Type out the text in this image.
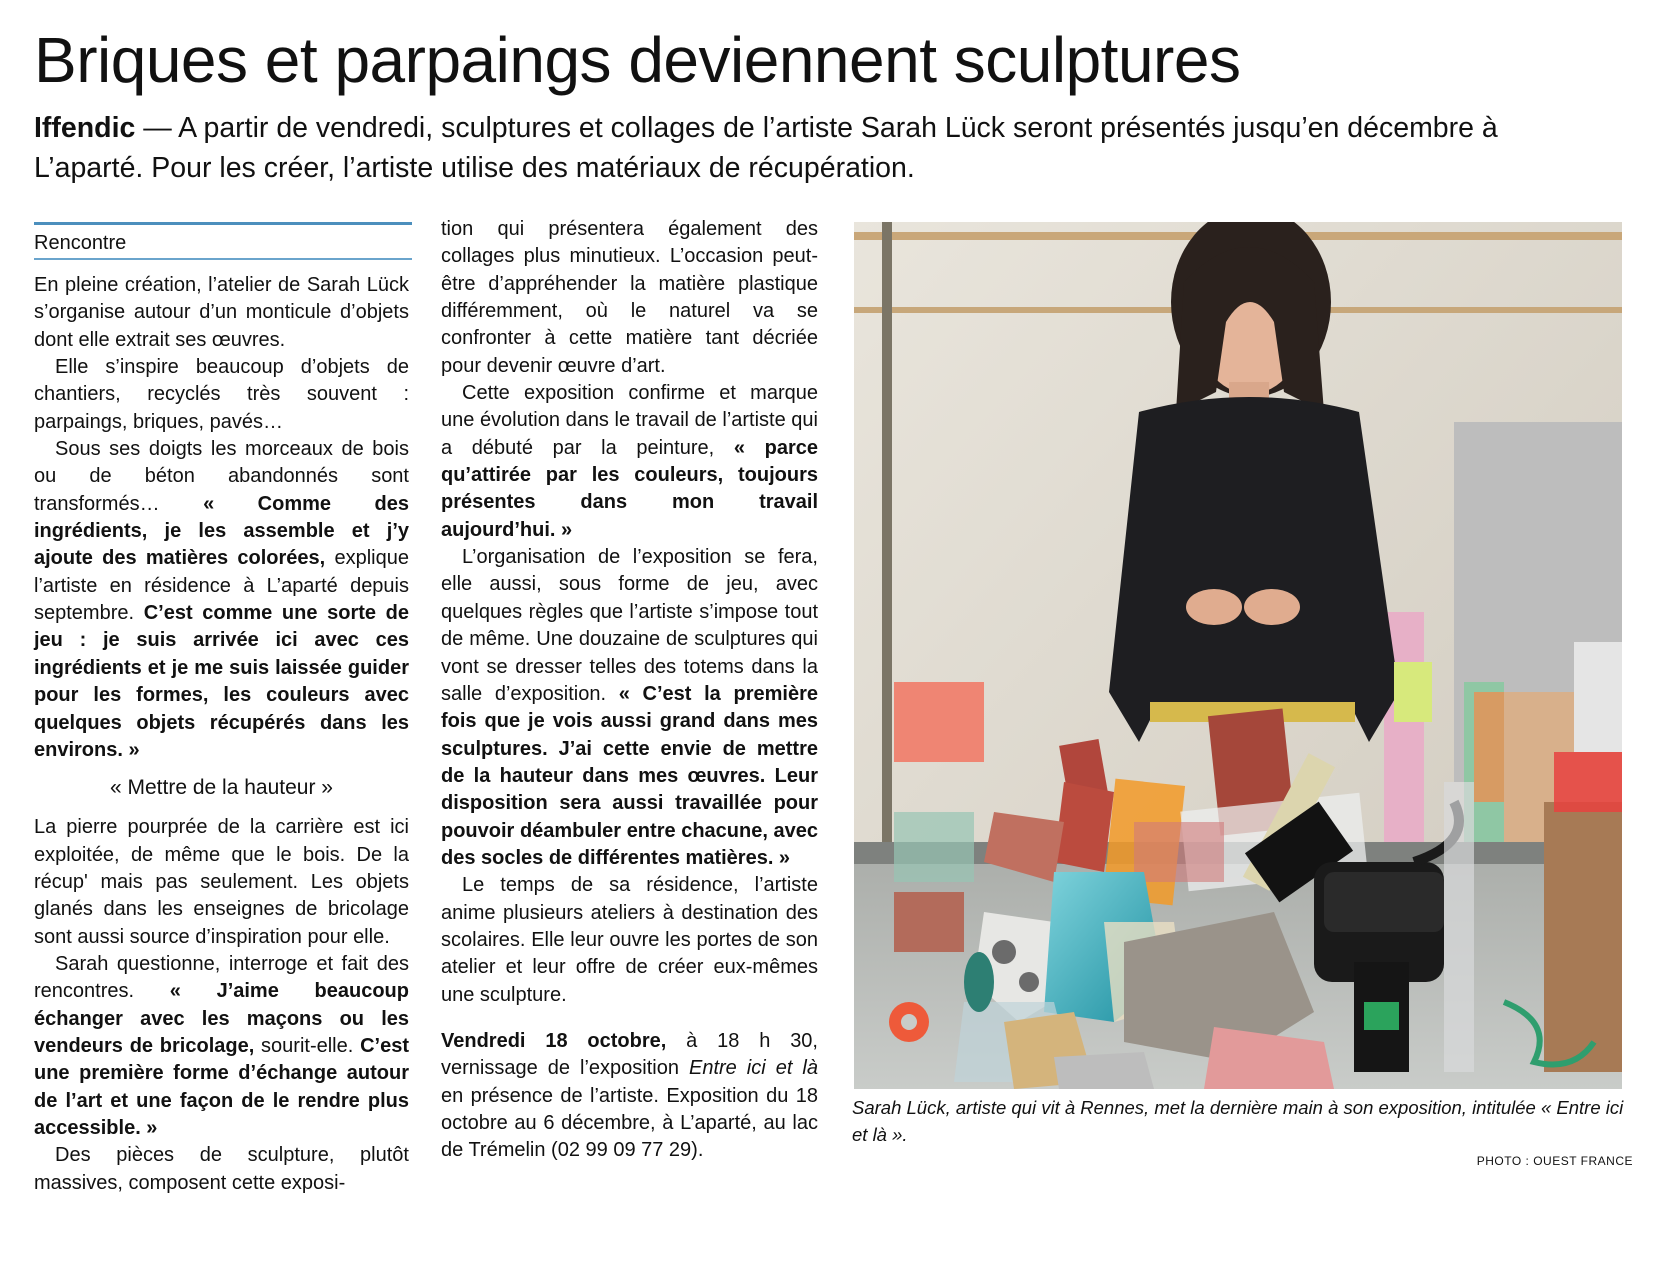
Briques et parpaings deviennent sculptures

Iffendic — A partir de vendredi, sculptures et collages de l’artiste Sarah Lück seront présentés jusqu’en décembre à L’aparté. Pour les créer, l’artiste utilise des matériaux de récupération.

Rencontre

En pleine création, l’atelier de Sarah Lück s’organise autour d’un monticule d’objets dont elle extrait ses œuvres.

Elle s’inspire beaucoup d’objets de chantiers, recyclés très souvent : parpaings, briques, pavés…

Sous ses doigts les morceaux de bois ou de béton abandonnés sont transformés… « Comme des ingrédients, je les assemble et j’y ajoute des matières colorées, explique l’artiste en résidence à L’aparté depuis septembre. C’est comme une sorte de jeu : je suis arrivée ici avec ces ingrédients et je me suis laissée guider pour les formes, les couleurs avec quelques objets récupérés dans les environs. »

« Mettre de la hauteur »

La pierre pourprée de la carrière est ici exploitée, de même que le bois. De la récup' mais pas seulement. Les objets glanés dans les enseignes de bricolage sont aussi source d’inspiration pour elle.

Sarah questionne, interroge et fait des rencontres. « J’aime beaucoup échanger avec les maçons ou les vendeurs de bricolage, sourit-elle. C’est une première forme d’échange autour de l’art et une façon de le rendre plus accessible. »

Des pièces de sculpture, plutôt massives, composent cette exposi-

tion qui présentera également des collages plus minutieux. L’occasion peut-être d’appréhender la matière plastique différemment, où le naturel va se confronter à cette matière tant décriée pour devenir œuvre d’art.

Cette exposition confirme et marque une évolution dans le travail de l’artiste qui a débuté par la peinture, « parce qu’attirée par les couleurs, toujours présentes dans mon travail aujourd’hui. »

L’organisation de l’exposition se fera, elle aussi, sous forme de jeu, avec quelques règles que l’artiste s’impose tout de même. Une douzaine de sculptures qui vont se dresser telles des totems dans la salle d’exposition. « C’est la première fois que je vois aussi grand dans mes sculptures. J’ai cette envie de mettre de la hauteur dans mes œuvres. Leur disposition sera aussi travaillée pour pouvoir déambuler entre chacune, avec des socles de différentes matières. »

Le temps de sa résidence, l’artiste anime plusieurs ateliers à destination des scolaires. Elle leur ouvre les portes de son atelier et leur offre de créer eux-mêmes une sculpture.

Vendredi 18 octobre, à 18 h 30, vernissage de l’exposition Entre ici et là en présence de l’artiste. Exposition du 18 octobre au 6 décembre, à L’aparté, au lac de Trémelin (02 99 09 77 29).

Sarah Lück, artiste qui vit à Rennes, met la dernière main à son exposition, intitulée « Entre ici et là ».

PHOTO : OUEST FRANCE
